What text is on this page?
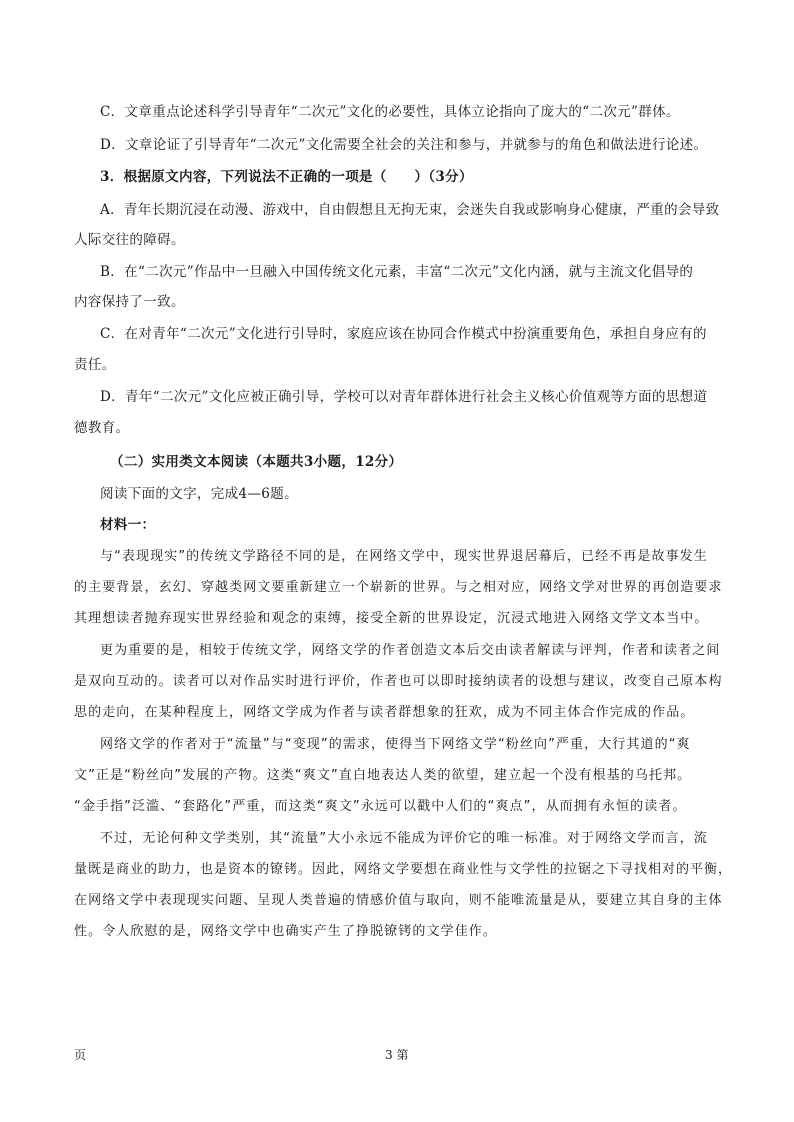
C．文章重点论述科学引导青年“二次元”文化的必要性，具体立论指向了庞大的“二次元”群体。
D．文章论证了引导青年“二次元”文化需要全社会的关注和参与，并就参与的角色和做法进行论述。
3．根据原文内容，下列说法不正确的一项是（　　）（3分）
A．青年长期沉浸在动漫、游戏中，自由假想且无拘无束，会迷失自我或影响身心健康，严重的会导致
人际交往的障碍。
B．在“二次元”作品中一旦融入中国传统文化元素，丰富“二次元”文化内涵，就与主流文化倡导的
内容保持了一致。
C．在对青年“二次元”文化进行引导时，家庭应该在协同合作模式中扮演重要角色，承担自身应有的
责任。
D．青年“二次元”文化应被正确引导，学校可以对青年群体进行社会主义核心价值观等方面的思想道
德教育。
（二）实用类文本阅读（本题共3小题，12分）
阅读下面的文字，完成4—6题。
材料一：
与“表现现实”的传统文学路径不同的是，在网络文学中，现实世界退居幕后，已经不再是故事发生
的主要背景，玄幻、穿越类网文要重新建立一个崭新的世界。与之相对应，网络文学对世界的再创造要求
其理想读者抛弃现实世界经验和观念的束缚，接受全新的世界设定，沉浸式地进入网络文学文本当中。
更为重要的是，相较于传统文学，网络文学的作者创造文本后交由读者解读与评判，作者和读者之间
是双向互动的。读者可以对作品实时进行评价，作者也可以即时接纳读者的设想与建议，改变自己原本构
思的走向，在某种程度上，网络文学成为作者与读者群想象的狂欢，成为不同主体合作完成的作品。
网络文学的作者对于“流量”与“变现”的需求，使得当下网络文学“粉丝向”严重，大行其道的“爽
文”正是“粉丝向”发展的产物。这类“爽文”直白地表达人类的欲望，建立起一个没有根基的乌托邦。
“金手指”泛滥、“套路化”严重，而这类“爽文”永远可以戳中人们的“爽点”，从而拥有永恒的读者。
不过，无论何种文学类别，其“流量”大小永远不能成为评价它的唯一标准。对于网络文学而言，流
量既是商业的助力，也是资本的镣铐。因此，网络文学要想在商业性与文学性的拉锯之下寻找相对的平衡，
在网络文学中表现现实问题、呈现人类普遍的情感价值与取向，则不能唯流量是从，要建立其自身的主体
性。令人欣慰的是，网络文学中也确实产生了挣脱镣铐的文学佳作。
页	3 第
